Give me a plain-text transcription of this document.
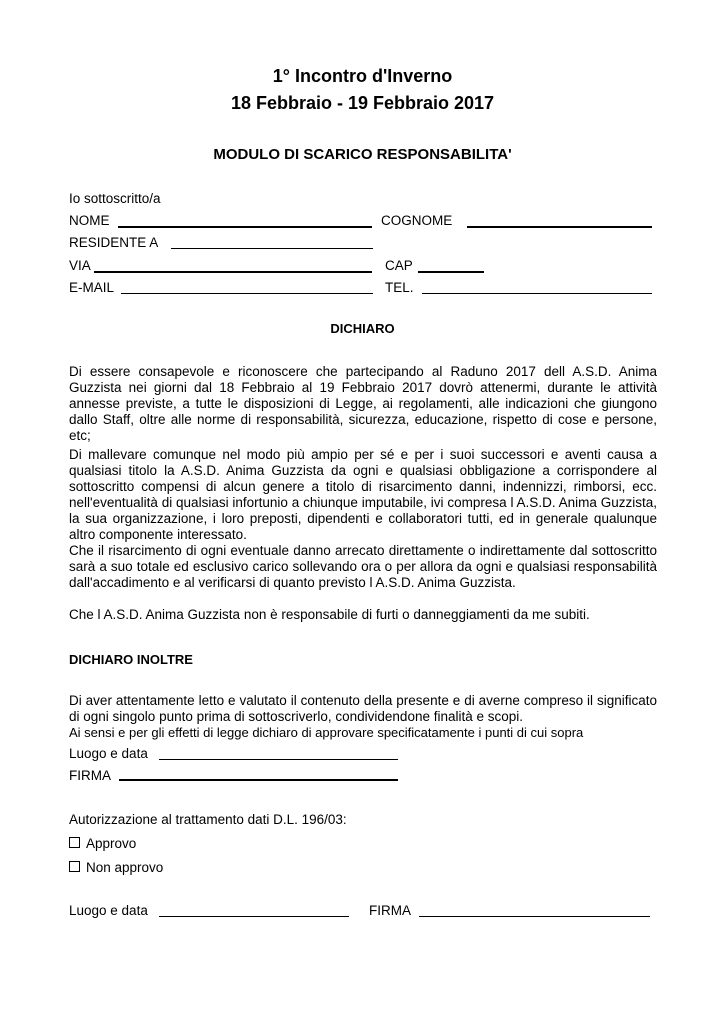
1° Incontro d'Inverno
18 Febbraio - 19 Febbraio 2017
MODULO DI SCARICO RESPONSABILITA'
Io sottoscritto/a
NOME	COGNOME
RESIDENTE A
VIA	CAP
E-MAIL	TEL.
DICHIARO
Di essere consapevole e riconoscere che partecipando al Raduno 2017 dell A.S.D. Anima Guzzista nei giorni dal 18 Febbraio al 19 Febbraio 2017 dovrò attenermi, durante le attività annesse previste, a tutte le disposizioni di Legge, ai regolamenti, alle indicazioni che giungono dallo Staff, oltre alle norme di responsabilità, sicurezza, educazione, rispetto di cose e persone, etc;
Di mallevare comunque nel modo più ampio per sé e per i suoi successori e aventi causa a qualsiasi titolo la A.S.D. Anima Guzzista da ogni e qualsiasi obbligazione a corrispondere al sottoscritto compensi di alcun genere a titolo di risarcimento danni, indennizzi, rimborsi, ecc. nell'eventualità di qualsiasi infortunio a chiunque imputabile, ivi compresa l A.S.D. Anima Guzzista, la sua organizzazione, i loro preposti, dipendenti e collaboratori tutti, ed in generale qualunque altro componente interessato.
Che il risarcimento di ogni eventuale danno arrecato direttamente o indirettamente dal sottoscritto sarà a suo totale ed esclusivo carico sollevando ora o per allora da ogni e qualsiasi responsabilità dall'accadimento e al verificarsi di quanto previsto l A.S.D. Anima Guzzista.
Che l A.S.D. Anima Guzzista non è responsabile di furti o danneggiamenti da me subiti.
DICHIARO INOLTRE
Di aver attentamente letto e valutato il contenuto della presente e di averne compreso il significato di ogni singolo punto prima di sottoscriverlo, condividendone finalità e scopi.
Ai sensi e per gli effetti di legge dichiaro di approvare specificatamente i punti di cui sopra
Luogo e data
FIRMA
Autorizzazione al trattamento dati D.L. 196/03:
Approvo
Non approvo
Luogo e data	FIRMA
